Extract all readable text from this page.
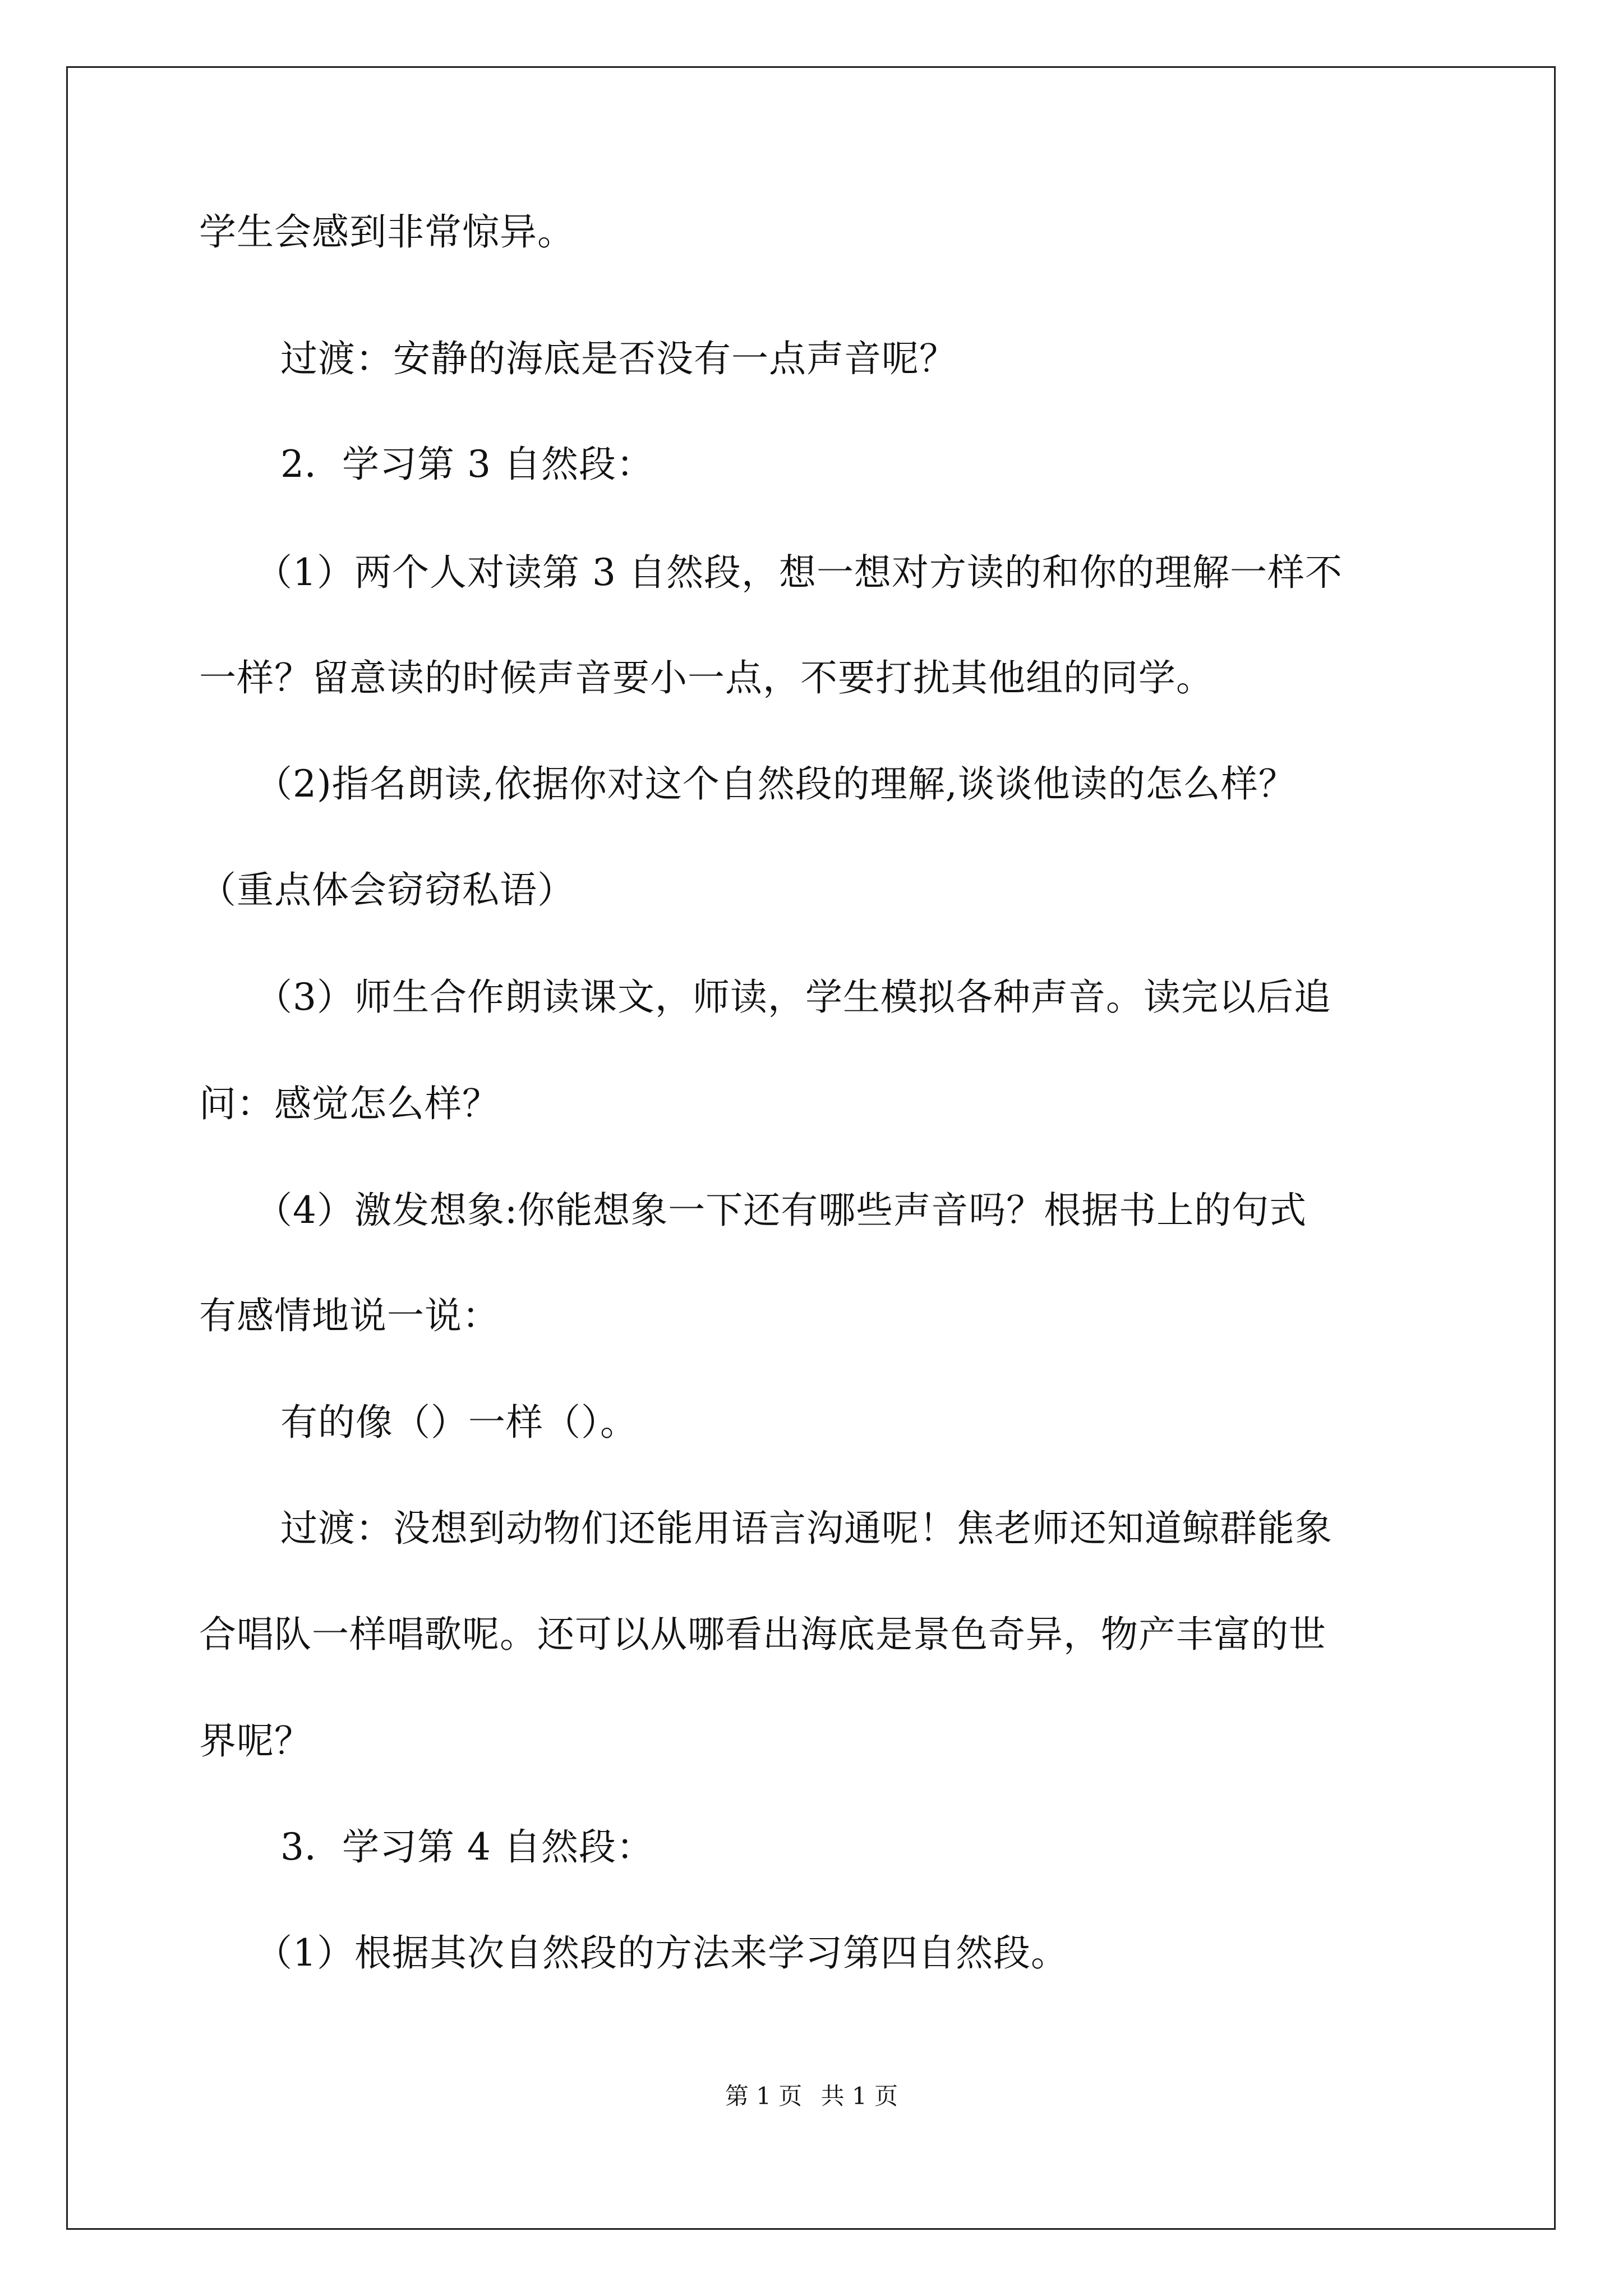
学生会感到非常惊异。
过渡：安静的海底是否没有一点声音呢？
2．学习第 3 自然段：
（1）两个人对读第 3 自然段，想一想对方读的和你的理解一样不
一样？留意读的时候声音要小一点，不要打扰其他组的同学。
（2)指名朗读,依据你对这个自然段的理解,谈谈他读的怎么样？
（重点体会窃窃私语）
（3）师生合作朗读课文，师读，学生模拟各种声音。读完以后追
问：感觉怎么样？
（4）激发想象:你能想象一下还有哪些声音吗？根据书上的句式
有感情地说一说：
有的像（）一样（）。
过渡：没想到动物们还能用语言沟通呢！焦老师还知道鲸群能象
合唱队一样唱歌呢。还可以从哪看出海底是景色奇异，物产丰富的世
界呢？
3．学习第 4 自然段：
（1）根据其次自然段的方法来学习第四自然段。
第 1 页 共 1 页
